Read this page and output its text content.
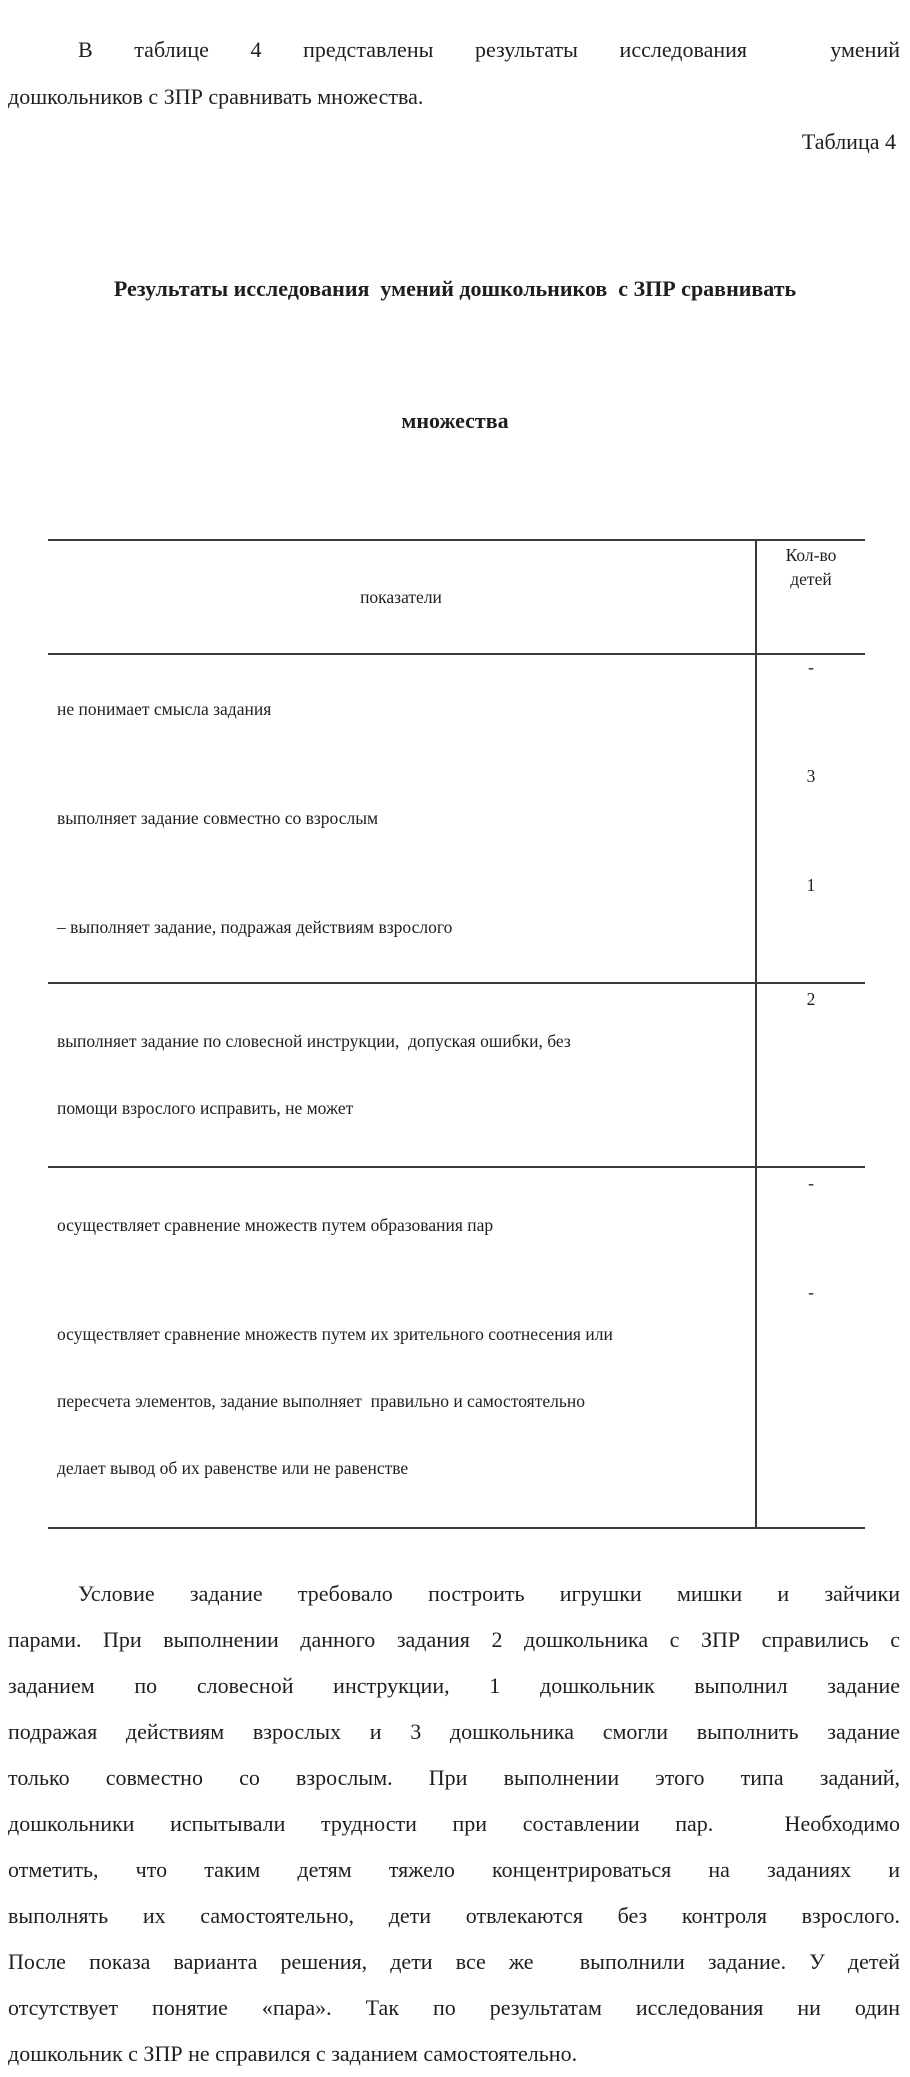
В таблице 4 представлены результаты исследования  умений
дошкольников с ЗПР сравнивать множества.
Таблица 4

Результаты исследования  умений дошкольников  с ЗПР сравнивать

множества

показатели

Кол-во
детей

не понимает смысла задания

-

выполняет задание совместно со взрослым

3

– выполняет задание, подражая действиям взрослого

1

выполняет задание по словесной инструкции,  допуская ошибки, без

помощи взрослого исправить, не может

2

осуществляет сравнение множеств путем образования пар

-

осуществляет сравнение множеств путем их зрительного соотнесения или

пересчета элементов, задание выполняет  правильно и самостоятельно

делает вывод об их равенстве или не равенстве

-
Условие задание требовало построить игрушки мишки и зайчики
парами. При выполнении данного задания 2 дошкольника с ЗПР справились с
заданием по словесной инструкции, 1 дошкольник выполнил задание
подражая действиям взрослых и 3 дошкольника смогли выполнить задание
только совместно со взрослым. При выполнении этого типа заданий,
дошкольники испытывали трудности при составлении пар.  Необходимо
отметить, что таким детям тяжело концентрироваться на заданиях и
выполнять их самостоятельно, дети отвлекаются без контроля взрослого.
После показа варианта решения, дети все же  выполнили задание. У детей
отсутствует понятие «пара». Так по результатам исследования ни один
дошкольник с ЗПР не справился с заданием самостоятельно.
